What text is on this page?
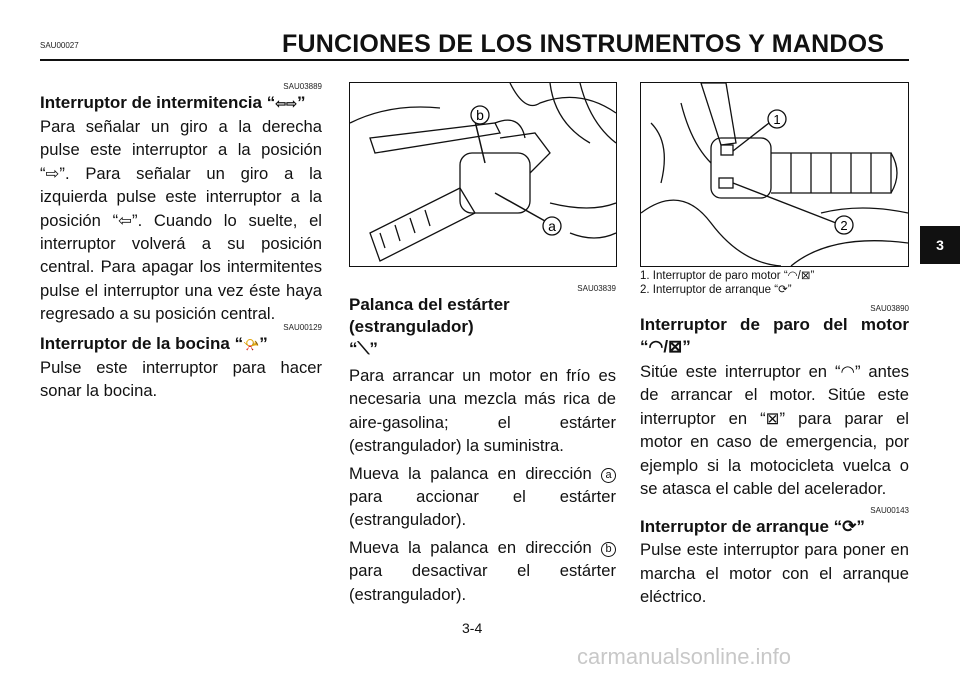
SAU00027	FUNCIONES DE LOS INSTRUMENTOS Y MANDOS
SAU03889
Interruptor de intermitencia “⇦⇨”

Para señalar un giro a la derecha pulse este interruptor a la posición “⇨”. Para señalar un giro a la izquierda pulse este interruptor a la posición “⇦”. Cuando lo suelte, el interruptor volverá a su posición central. Para apagar los intermitentes pulse el interruptor una vez éste haya regresado a su posición central.

SAU00129
Interruptor de la bocina “📯”

Pulse este interruptor para hacer sonar la bocina.

b
a
SAU03839
Palanca del estárter (estrangulador)
“⟍”

Para arrancar un motor en frío es necesaria una mezcla más rica de aire-gasolina; el estárter (estrangulador) la suministra.

Mueva la palanca en dirección a para accionar el estárter (estrangulador).

Mueva la palanca en dirección b para desactivar el estárter (estrangulador).

1
2
1. Interruptor de paro motor “◠/⊠”
2. Interruptor de arranque “⟳”
SAU03890
Interruptor de paro del motor
“◠/⊠”

Sitúe este interruptor en “◠” antes de arrancar el motor. Sitúe este interruptor en “⊠” para parar el motor en caso de emergencia, por ejemplo si la motocicleta vuelca o se atasca el cable del acelerador.

SAU00143
Interruptor de arranque “⟳”

Pulse este interruptor para poner en marcha el motor con el arranque eléctrico.

3
3-4
carmanualsonline.info
